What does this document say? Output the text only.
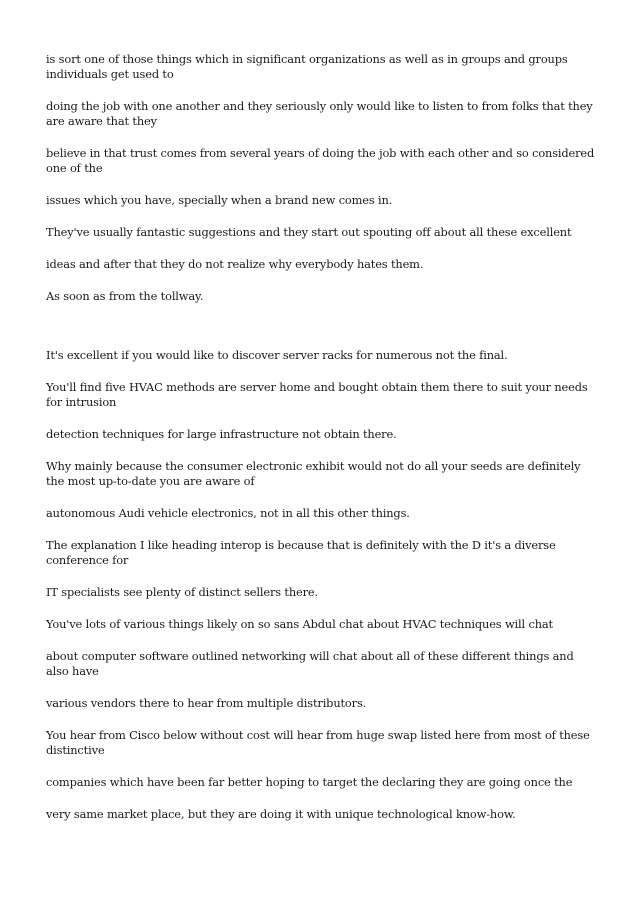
is sort one of those things which in significant organizations as well as in groups and groups individuals get used to

doing the job with one another and they seriously only would like to listen to from folks that they are aware that they

believe in that trust comes from several years of doing the job with each other and so considered one of the

issues which you have, specially when a brand new comes in.

They've usually fantastic suggestions and they start out spouting off about all these excellent

ideas and after that they do not realize why everybody hates them.

As soon as from the tollway.

It's excellent if you would like to discover server racks for numerous not the final.

You'll find five HVAC methods are server home and bought obtain them there to suit your needs for intrusion

detection techniques for large infrastructure not obtain there.

Why mainly because the consumer electronic exhibit would not do all your seeds are definitely the most up-to-date you are aware of

autonomous Audi vehicle electronics, not in all this other things.

The explanation I like heading interop is because that is definitely with the D it's a diverse conference for

IT specialists see plenty of distinct sellers there.

You've lots of various things likely on so sans Abdul chat about HVAC techniques will chat

about computer software outlined networking will chat about all of these different things and also have

various vendors there to hear from multiple distributors.

You hear from Cisco below without cost will hear from huge swap listed here from most of these distinctive

companies which have been far better hoping to target the declaring they are going once the

very same market place, but they are doing it with unique technological know-how.
